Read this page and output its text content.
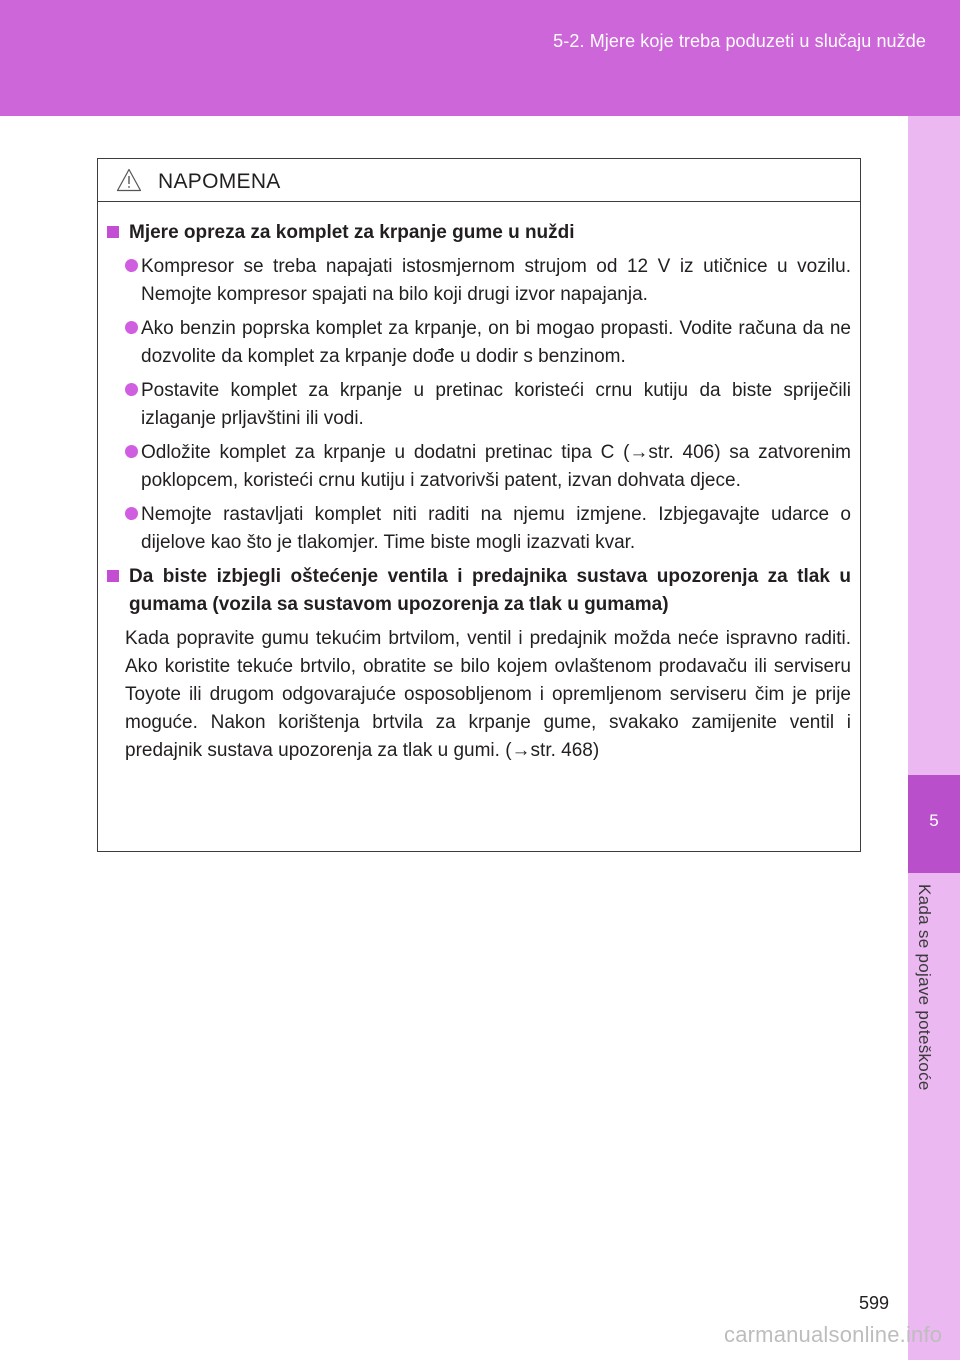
5-2. Mjere koje treba poduzeti u slučaju nužde
5
Kada se pojave poteškoće
NAPOMENA
Mjere opreza za komplet za krpanje gume u nuždi
Kompresor se treba napajati istosmjernom strujom od 12 V iz utičnice u vozilu. Nemojte kompresor spajati na bilo koji drugi izvor napajanja.
Ako benzin poprska komplet za krpanje, on bi mogao propasti. Vodite računa da ne dozvolite da komplet za krpanje dođe u dodir s benzinom.
Postavite komplet za krpanje u pretinac koristeći crnu kutiju da biste spriječili izlaganje prljavštini ili vodi.
Odložite komplet za krpanje u dodatni pretinac tipa C (→str. 406) sa zatvorenim poklopcem, koristeći crnu kutiju i zatvorivši patent, izvan dohvata djece.
Nemojte rastavljati komplet niti raditi na njemu izmjene. Izbjegavajte udarce o dijelove kao što je tlakomjer. Time biste mogli izazvati kvar.
Da biste izbjegli oštećenje ventila i predajnika sustava upozorenja za tlak u gumama (vozila sa sustavom upozorenja za tlak u gumama)
Kada popravite gumu tekućim brtvilom, ventil i predajnik možda neće ispravno raditi. Ako koristite tekuće brtvilo, obratite se bilo kojem ovlaštenom prodavaču ili serviseru Toyote ili drugom odgovarajuće osposobljenom i opremljenom serviseru čim je prije moguće. Nakon korištenja brtvila za krpanje gume, svakako zamijenite ventil i predajnik sustava upozorenja za tlak u gumi. (→str. 468)
599
carmanualsonline.info
